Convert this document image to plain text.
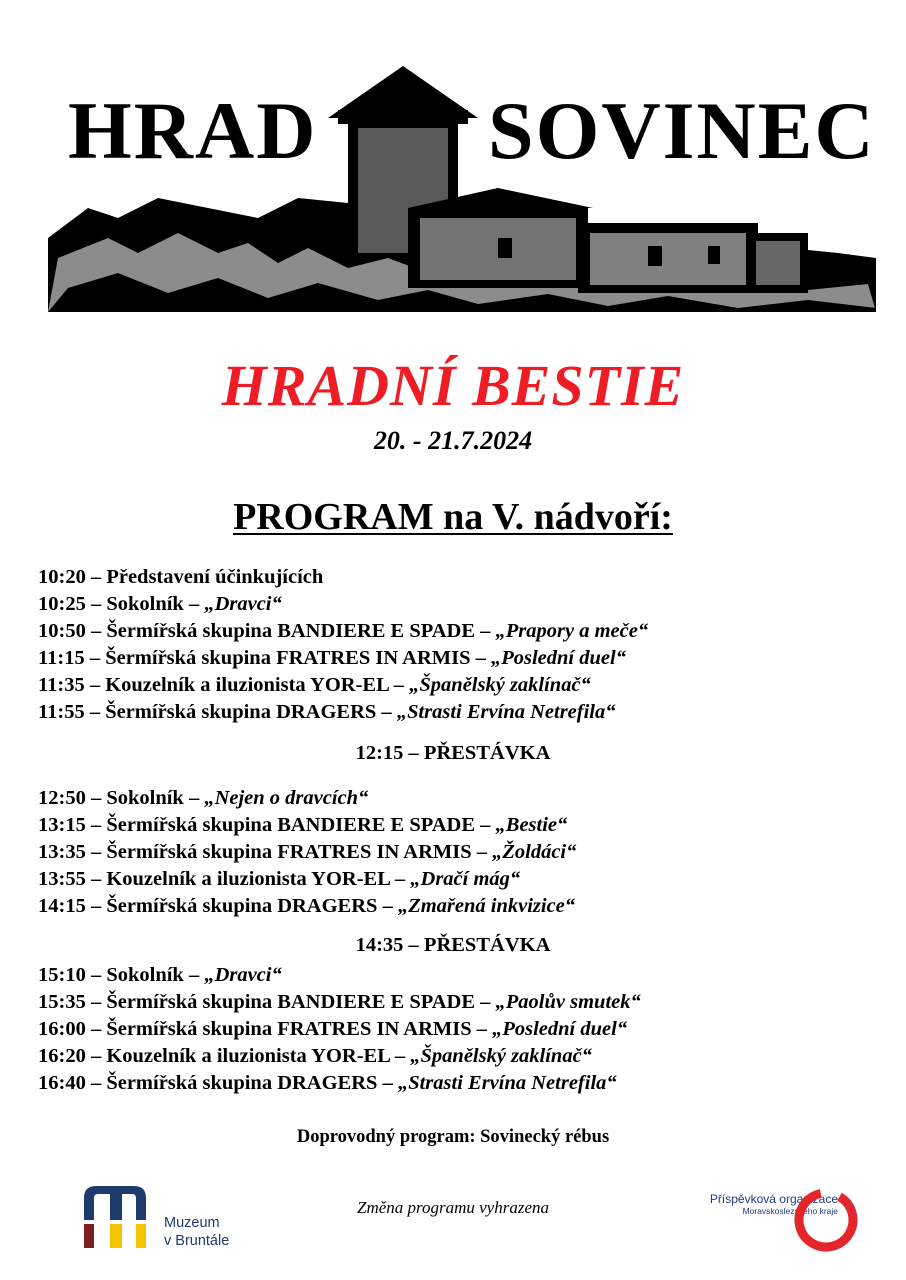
HRAD SOVINEC
HRADNÍ BESTIE
20. - 21.7.2024
PROGRAM na V. nádvoří:
10:20 – Představení účinkujících
10:25 – Sokolník – „Dravci“
10:50 – Šermířská skupina BANDIERE E SPADE – „Prapory a meče“
11:15 – Šermířská skupina FRATRES IN ARMIS – „Poslední duel“
11:35 – Kouzelník a iluzionista YOR-EL – „Španělský zaklínač“
11:55 – Šermířská skupina DRAGERS – „Strasti Ervína Netrefila“
12:15 – PŘESTÁVKA
12:50 – Sokolník – „Nejen o dravcích“
13:15 – Šermířská skupina BANDIERE E SPADE – „Bestie“
13:35 – Šermířská skupina FRATRES IN ARMIS – „Žoldáci“
13:55 – Kouzelník a iluzionista YOR-EL – „Dračí mág“
14:15 – Šermířská skupina DRAGERS – „Zmařená inkvizice“
14:35 – PŘESTÁVKA
15:10 – Sokolník – „Dravci“
15:35 – Šermířská skupina BANDIERE E SPADE – „Paolův smutek“
16:00 – Šermířská skupina FRATRES IN ARMIS – „Poslední duel“
16:20 – Kouzelník a iluzionista YOR-EL – „Španělský zaklínač“
16:40 – Šermířská skupina DRAGERS – „Strasti Ervína Netrefila“
Doprovodný program: Sovinecký rébus
Změna programu vyhrazena
Muzeum
v Bruntále
Příspěvková organizace
Moravskoslezského kraje
